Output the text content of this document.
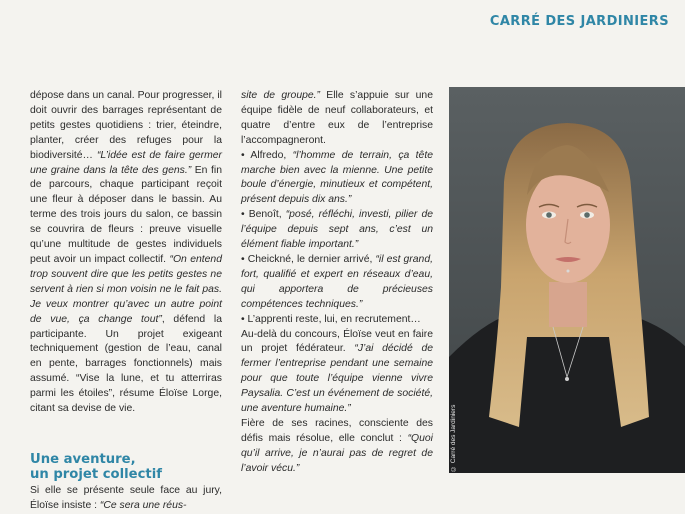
CARRÉ DES JARDINIERS

dépose dans un canal. Pour progresser, il doit ouvrir des barrages représentant de petits gestes quotidiens : trier, éteindre, planter, créer des refuges pour la biodiversité… “L’idée est de faire germer une graine dans la tête des gens.” En fin de parcours, chaque participant reçoit une fleur à déposer dans le bassin. Au terme des trois jours du salon, ce bassin se couvrira de fleurs : preuve visuelle qu’une multitude de gestes individuels peut avoir un impact collectif. “On entend trop souvent dire que les petits gestes ne servent à rien si mon voisin ne le fait pas. Je veux montrer qu’avec un autre point de vue, ça change tout”, défend la participante. Un projet exigeant techniquement (gestion de l’eau, canal en pente, barrages fonctionnels) mais assumé. “Vise la lune, et tu atterriras parmi les étoiles”, résume Éloïse Lorge, citant sa devise de vie.

Une aventure,
un projet collectif

Si elle se présente seule face au jury, Éloïse insiste : “Ce sera une réus-

site de groupe.” Elle s’appuie sur une équipe fidèle de neuf collaborateurs, et quatre d’entre eux de l’entreprise l’accompagneront.

• Alfredo, “l’homme de terrain, ça tête marche bien avec la mienne. Une petite boule d’énergie, minutieux et compétent, présent depuis dix ans.”

• Benoît, “posé, réfléchi, investi, pilier de l’équipe depuis sept ans, c’est un élément fiable important.”

• Cheickné, le dernier arrivé, “il est grand, fort, qualifié et expert en réseaux d’eau, qui apportera de précieuses compétences techniques.”

• L’apprenti reste, lui, en recrutement…

Au-delà du concours, Éloïse veut en faire un projet fédérateur. “J’ai décidé de fermer l’entreprise pendant une semaine pour que toute l’équipe vienne vivre Paysalia. C’est un événement de société, une aventure humaine.”

Fière de ses racines, consciente des défis mais résolue, elle conclut : “Quoi qu’il arrive, je n’aurai pas de regret de l’avoir vécu.”	© Carré des Jardiniers
